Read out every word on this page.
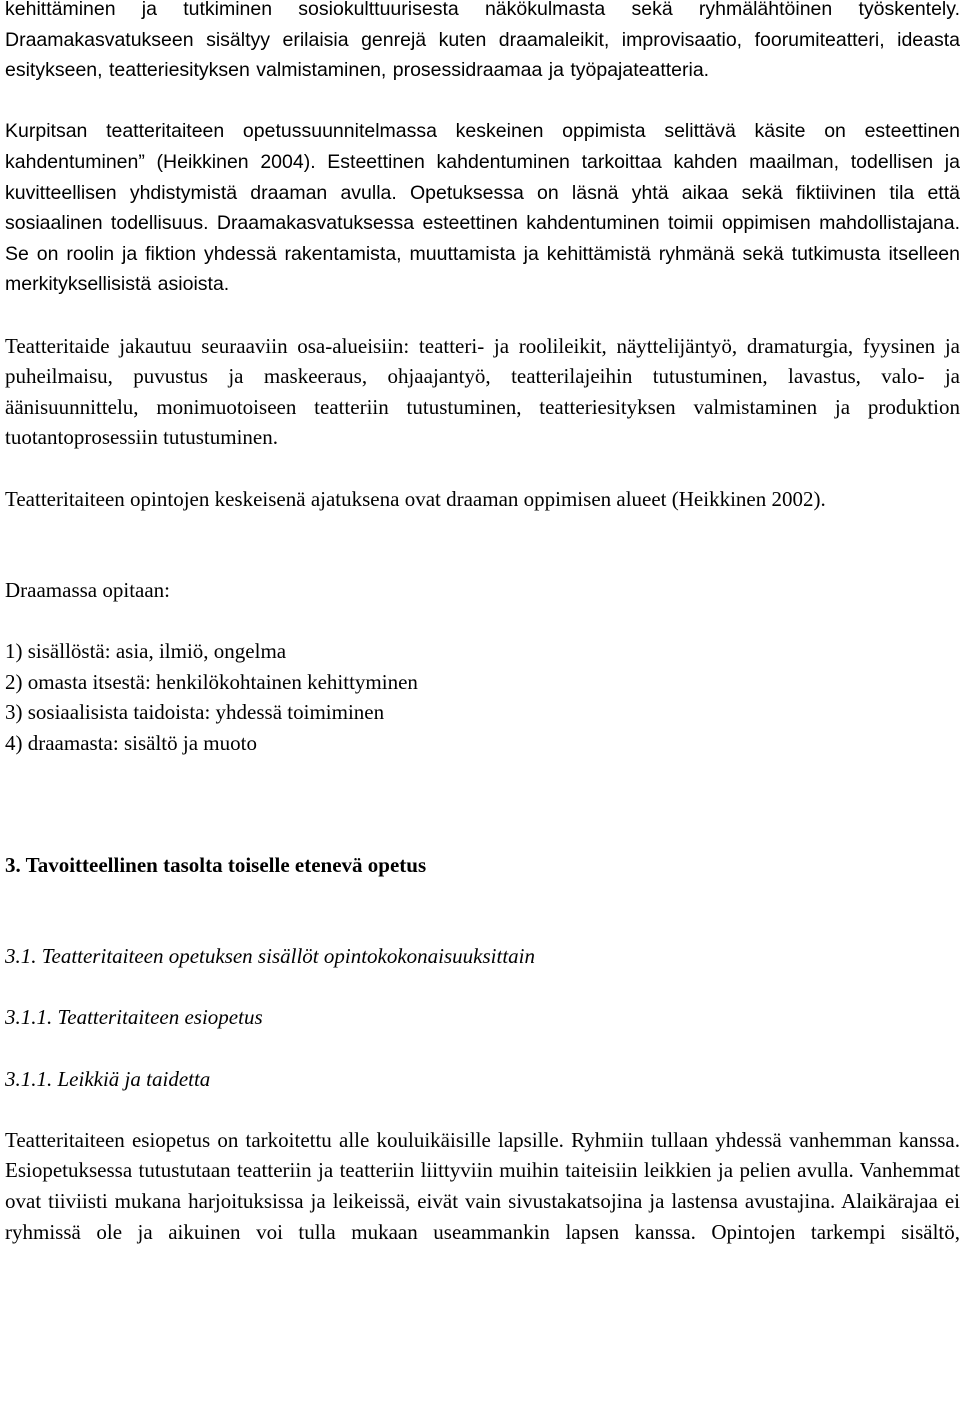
kehittäminen ja tutkiminen sosiokulttuurisesta näkökulmasta sekä ryhmälähtöinen työskentely. Draamakasvatukseen sisältyy erilaisia genrejä kuten draamaleikit, improvisaatio, foorumiteatteri, ideasta esitykseen, teatteriesityksen valmistaminen, prosessidraamaa ja työpajateatteria.

Kurpitsan teatteritaiteen opetussuunnitelmassa keskeinen oppimista selittävä käsite on esteettinen kahdentuminen” (Heikkinen 2004). Esteettinen kahdentuminen tarkoittaa kahden maailman, todellisen ja kuvitteellisen yhdistymistä draaman avulla. Opetuksessa on läsnä yhtä aikaa sekä fiktiivinen tila että sosiaalinen todellisuus. Draamakasvatuksessa esteettinen kahdentuminen toimii oppimisen mahdollistajana. Se on roolin ja fiktion yhdessä rakentamista, muuttamista ja kehittämistä ryhmänä sekä tutkimusta itselleen merkityksellisistä asioista.

Teatteritaide jakautuu seuraaviin osa-alueisiin: teatteri- ja roolileikit, näyttelijäntyö, dramaturgia, fyysinen ja puheilmaisu, puvustus ja maskeeraus, ohjaajantyö, teatterilajeihin tutustuminen, lavastus, valo- ja äänisuunnittelu, monimuotoiseen teatteriin tutustuminen, teatteriesityksen valmistaminen ja produktion tuotantoprosessiin tutustuminen.

Teatteritaiteen opintojen keskeisenä ajatuksena ovat draaman oppimisen alueet (Heikkinen 2002).

Draamassa opitaan:

1) sisällöstä: asia, ilmiö, ongelma
2) omasta itsestä: henkilökohtainen kehittyminen
3) sosiaalisista taidoista: yhdessä toimiminen
4) draamasta: sisältö ja muoto
3. Tavoitteellinen tasolta toiselle etenevä opetus
3.1. Teatteritaiteen opetuksen sisällöt opintokokonaisuuksittain
3.1.1. Teatteritaiteen esiopetus
3.1.1. Leikkiä ja taidetta

Teatteritaiteen esiopetus on tarkoitettu alle kouluikäisille lapsille. Ryhmiin tullaan yhdessä vanhemman kanssa. Esiopetuksessa tutustutaan teatteriin ja teatteriin liittyviin muihin taiteisiin leikkien ja pelien avulla. Vanhemmat ovat tiiviisti mukana harjoituksissa ja leikeissä, eivät vain sivustakatsojina ja lastensa avustajina. Alaikärajaa ei ryhmissä ole ja aikuinen voi tulla mukaan useammankin lapsen kanssa. Opintojen tarkempi sisältö,
